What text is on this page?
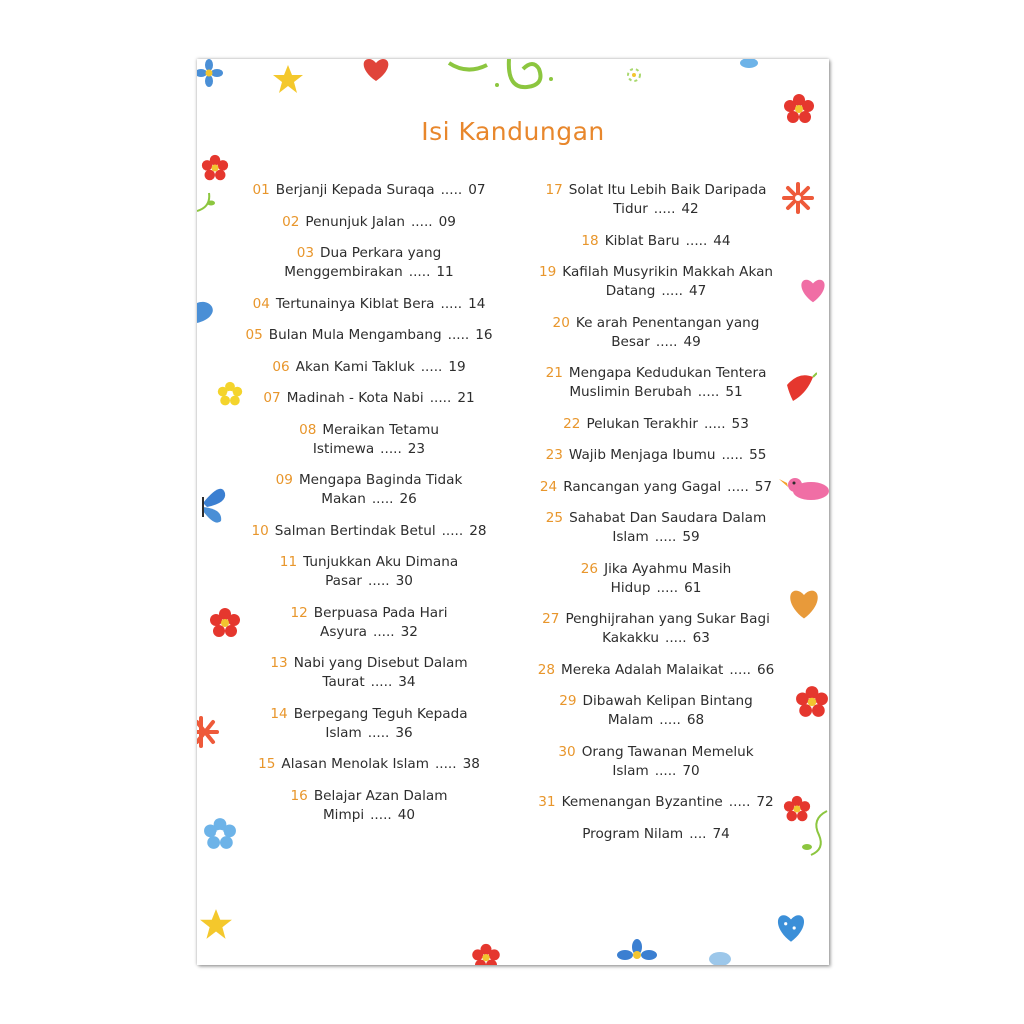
Isi Kandungan
01 Berjanji Kepada Suraqa ..... 07
02 Penunjuk Jalan ..... 09
03 Dua Perkara yang Menggembirakan ..... 11
04 Tertunainya Kiblat Bera ..... 14
05 Bulan Mula Mengambang ..... 16
06 Akan Kami Takluk ..... 19
07 Madinah - Kota Nabi ..... 21
08 Meraikan Tetamu Istimewa ..... 23
09 Mengapa Baginda Tidak Makan ..... 26
10 Salman Bertindak Betul ..... 28
11 Tunjukkan Aku Dimana Pasar ..... 30
12 Berpuasa Pada Hari Asyura ..... 32
13 Nabi yang Disebut Dalam Taurat ..... 34
14 Berpegang Teguh Kepada Islam ..... 36
15 Alasan Menolak Islam ..... 38
16 Belajar Azan Dalam Mimpi ..... 40
17 Solat Itu Lebih Baik Daripada Tidur ..... 42
18 Kiblat Baru ..... 44
19 Kafilah Musyrikin Makkah Akan Datang ..... 47
20 Ke arah Penentangan yang Besar ..... 49
21 Mengapa Kedudukan Tentera Muslimin Berubah ..... 51
22 Pelukan Terakhir ..... 53
23 Wajib Menjaga Ibumu ..... 55
24 Rancangan yang Gagal ..... 57
25 Sahabat Dan Saudara Dalam Islam ..... 59
26 Jika Ayahmu Masih Hidup ..... 61
27 Penghijrahan yang Sukar Bagi Kakakku ..... 63
28 Mereka Adalah Malaikat ..... 66
29 Dibawah Kelipan Bintang Malam ..... 68
30 Orang Tawanan Memeluk Islam ..... 70
31 Kemenangan Byzantine ..... 72
Program Nilam .... 74
